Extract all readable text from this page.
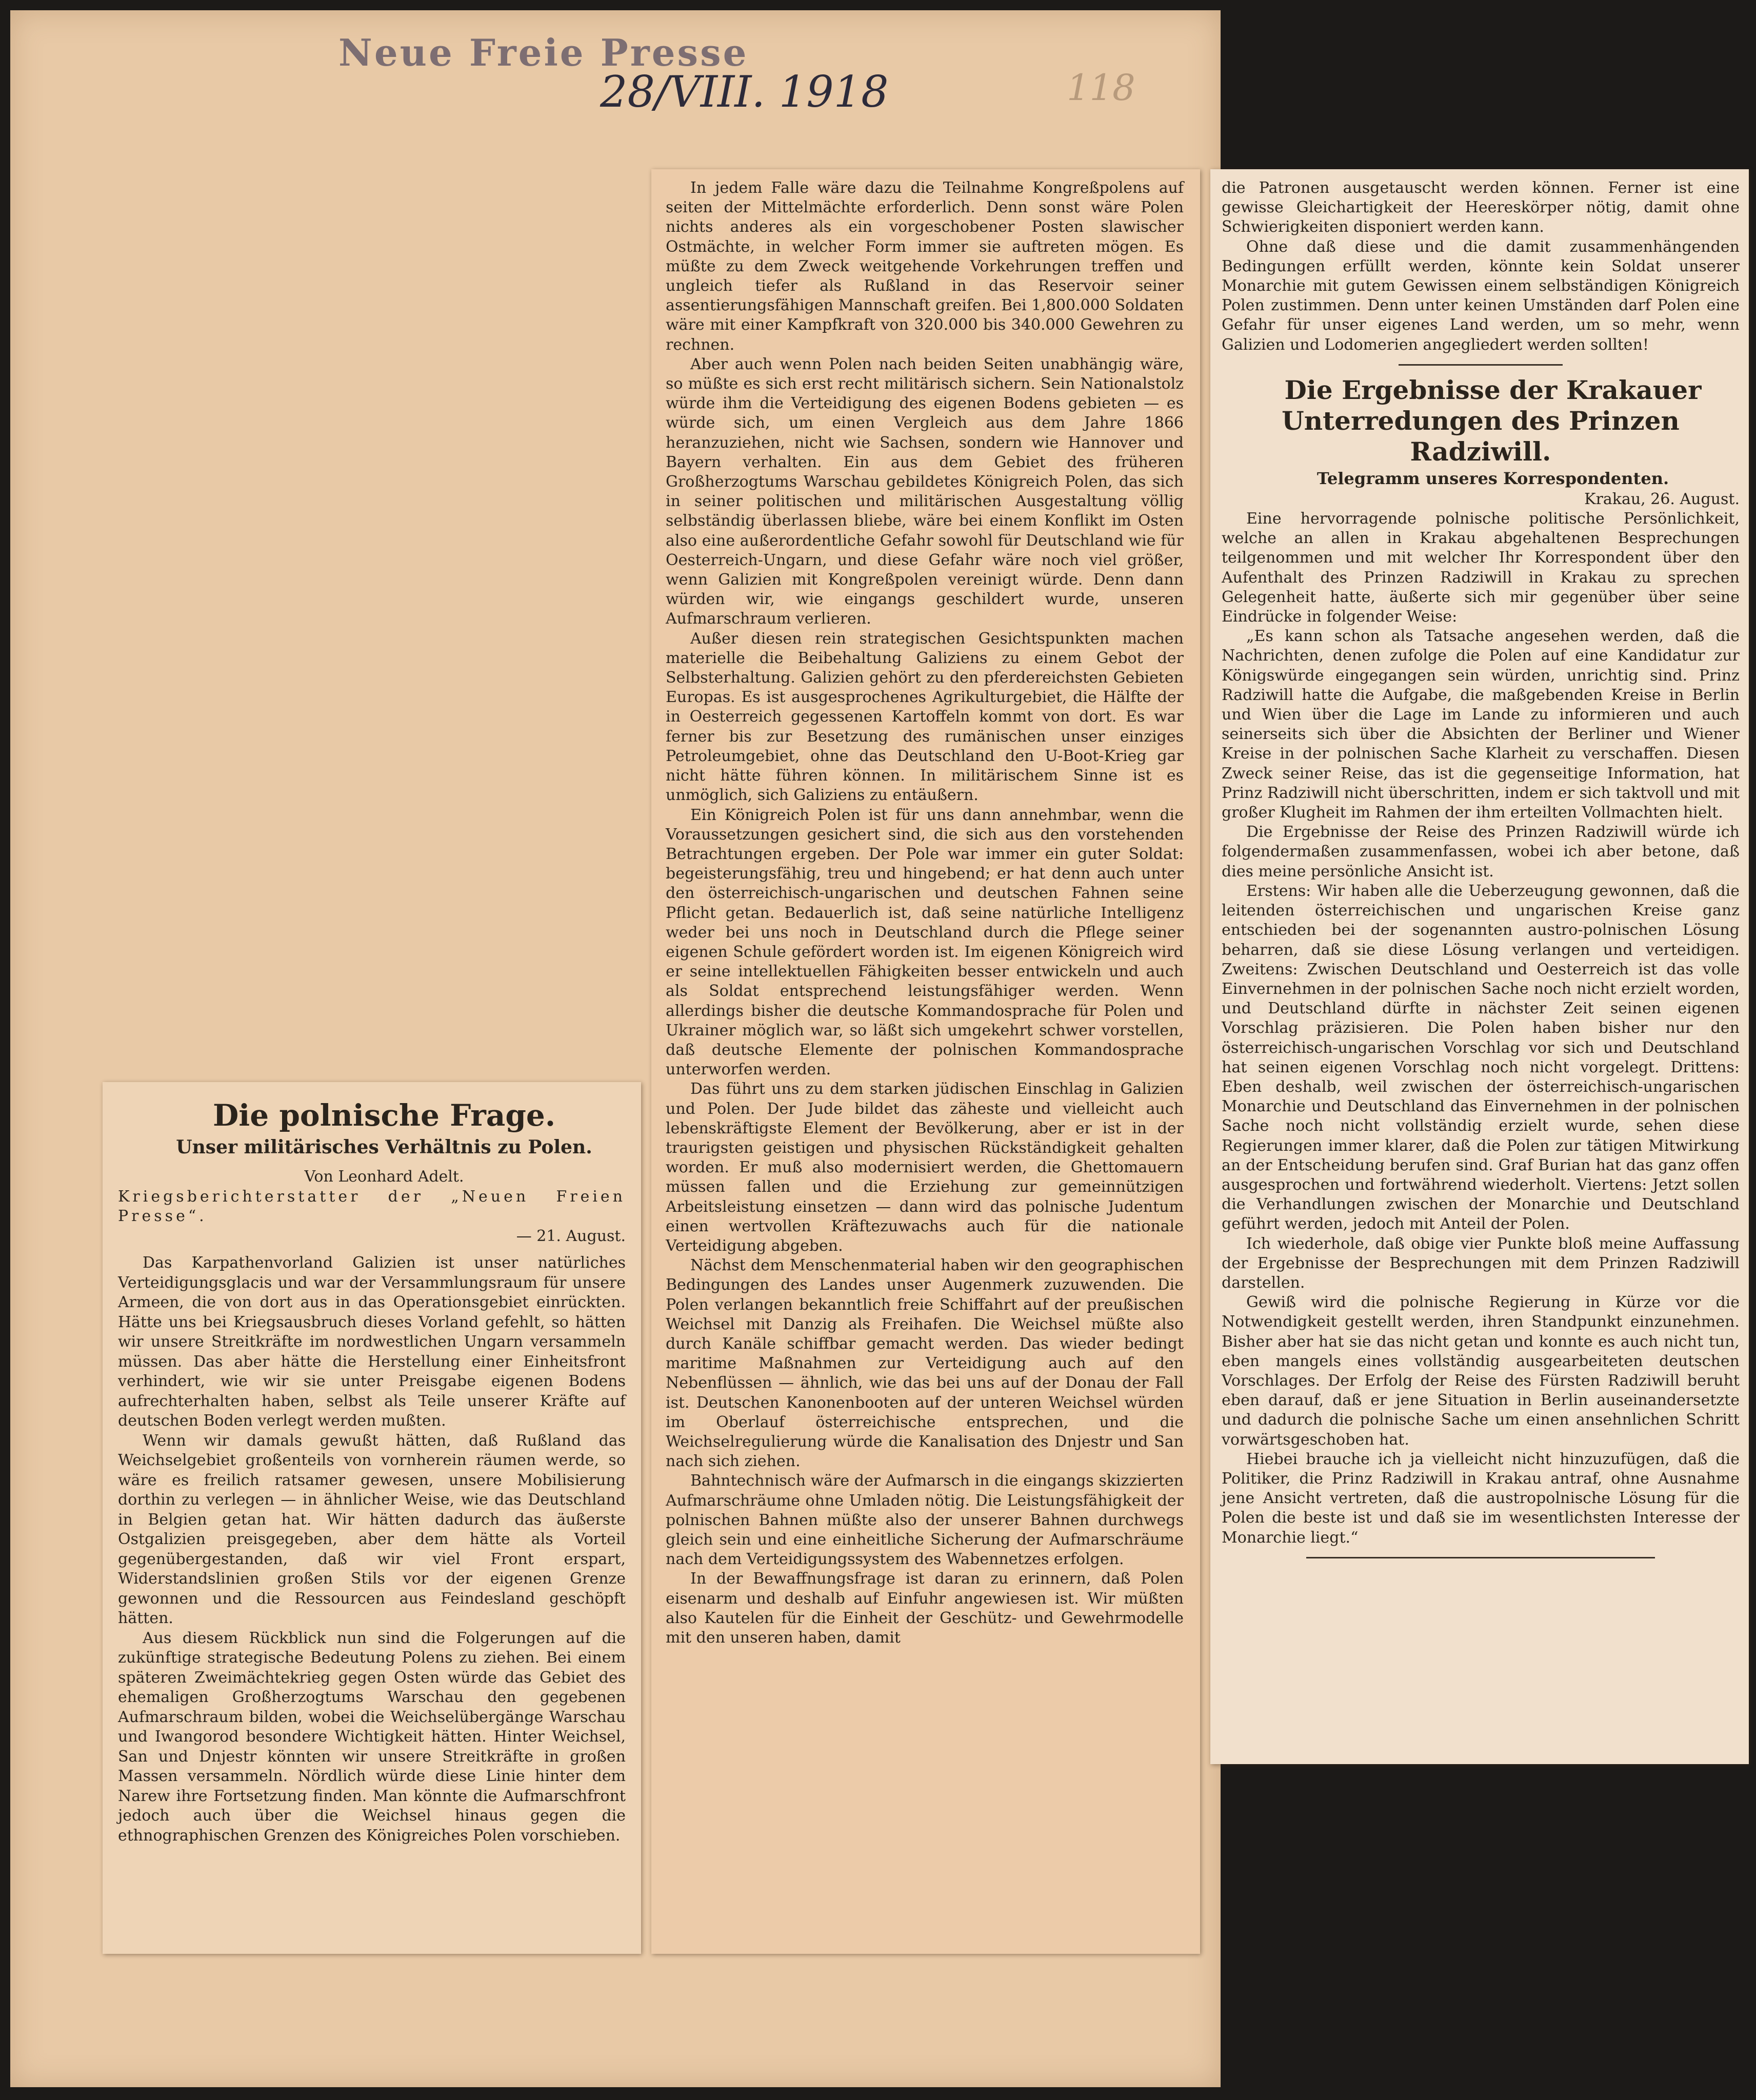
Neue Freie Presse
28/VIII. 1918	118

Die polnische Frage.

Unser militärisches Verhältnis zu Polen.

Von Leonhard Adelt.

Kriegsberichterstatter der „Neuen Freien Presse“.

— 21. August.

Das Karpathenvorland Galizien ist unser natürliches Verteidigungsglacis und war der Versammlungsraum für unsere Armeen, die von dort aus in das Operationsgebiet einrückten. Hätte uns bei Kriegsausbruch dieses Vorland gefehlt, so hätten wir unsere Streitkräfte im nordwestlichen Ungarn versammeln müssen. Das aber hätte die Herstellung einer Einheitsfront verhindert, wie wir sie unter Preisgabe eigenen Bodens aufrechterhalten haben, selbst als Teile unserer Kräfte auf deutschen Boden verlegt werden mußten.

Wenn wir damals gewußt hätten, daß Rußland das Weichselgebiet großenteils von vornherein räumen werde, so wäre es freilich ratsamer gewesen, unsere Mobilisierung dorthin zu verlegen — in ähnlicher Weise, wie das Deutschland in Belgien getan hat. Wir hätten dadurch das äußerste Ostgalizien preisgegeben, aber dem hätte als Vorteil gegenübergestanden, daß wir viel Front erspart, Widerstandslinien großen Stils vor der eigenen Grenze gewonnen und die Ressourcen aus Feindesland geschöpft hätten.

Aus diesem Rückblick nun sind die Folgerungen auf die zukünftige strategische Bedeutung Polens zu ziehen. Bei einem späteren Zweimächtekrieg gegen Osten würde das Gebiet des ehemaligen Großherzogtums Warschau den gegebenen Aufmarschraum bilden, wobei die Weichselübergänge Warschau und Iwangorod besondere Wichtigkeit hätten. Hinter Weichsel, San und Dnjestr könnten wir unsere Streitkräfte in großen Massen versammeln. Nördlich würde diese Linie hinter dem Narew ihre Fortsetzung finden. Man könnte die Aufmarschfront jedoch auch über die Weichsel hinaus gegen die ethnographischen Grenzen des Königreiches Polen vorschieben.

In jedem Falle wäre dazu die Teilnahme Kongreßpolens auf seiten der Mittelmächte erforderlich. Denn sonst wäre Polen nichts anderes als ein vorgeschobener Posten slawischer Ostmächte, in welcher Form immer sie auftreten mögen. Es müßte zu dem Zweck weitgehende Vorkehrungen treffen und ungleich tiefer als Rußland in das Reservoir seiner assentierungsfähigen Mannschaft greifen. Bei 1,800.000 Soldaten wäre mit einer Kampfkraft von 320.000 bis 340.000 Gewehren zu rechnen.

Aber auch wenn Polen nach beiden Seiten unabhängig wäre, so müßte es sich erst recht militärisch sichern. Sein Nationalstolz würde ihm die Verteidigung des eigenen Bodens gebieten — es würde sich, um einen Vergleich aus dem Jahre 1866 heranzuziehen, nicht wie Sachsen, sondern wie Hannover und Bayern verhalten. Ein aus dem Gebiet des früheren Großherzogtums Warschau gebildetes Königreich Polen, das sich in seiner politischen und militärischen Ausgestaltung völlig selbständig überlassen bliebe, wäre bei einem Konflikt im Osten also eine außerordentliche Gefahr sowohl für Deutschland wie für Oesterreich-Ungarn, und diese Gefahr wäre noch viel größer, wenn Galizien mit Kongreßpolen vereinigt würde. Denn dann würden wir, wie eingangs geschildert wurde, unseren Aufmarschraum verlieren.

Außer diesen rein strategischen Gesichtspunkten machen materielle die Beibehaltung Galiziens zu einem Gebot der Selbsterhaltung. Galizien gehört zu den pferdereichsten Gebieten Europas. Es ist ausgesprochenes Agrikulturgebiet, die Hälfte der in Oesterreich gegessenen Kartoffeln kommt von dort. Es war ferner bis zur Besetzung des rumänischen unser einziges Petroleumgebiet, ohne das Deutschland den U-Boot-Krieg gar nicht hätte führen können. In militärischem Sinne ist es unmöglich, sich Galiziens zu entäußern.

Ein Königreich Polen ist für uns dann annehmbar, wenn die Voraussetzungen gesichert sind, die sich aus den vorstehenden Betrachtungen ergeben. Der Pole war immer ein guter Soldat: begeisterungsfähig, treu und hingebend; er hat denn auch unter den österreichisch-ungarischen und deutschen Fahnen seine Pflicht getan. Bedauerlich ist, daß seine natürliche Intelligenz weder bei uns noch in Deutschland durch die Pflege seiner eigenen Schule gefördert worden ist. Im eigenen Königreich wird er seine intellektuellen Fähigkeiten besser entwickeln und auch als Soldat entsprechend leistungsfähiger werden. Wenn allerdings bisher die deutsche Kommandosprache für Polen und Ukrainer möglich war, so läßt sich umgekehrt schwer vorstellen, daß deutsche Elemente der polnischen Kommandosprache unterworfen werden.

Das führt uns zu dem starken jüdischen Einschlag in Galizien und Polen. Der Jude bildet das zäheste und vielleicht auch lebenskräftigste Element der Bevölkerung, aber er ist in der traurigsten geistigen und physischen Rückständigkeit gehalten worden. Er muß also modernisiert werden, die Ghettomauern müssen fallen und die Erziehung zur gemeinnützigen Arbeitsleistung einsetzen — dann wird das polnische Judentum einen wertvollen Kräftezuwachs auch für die nationale Verteidigung abgeben.

Nächst dem Menschenmaterial haben wir den geographischen Bedingungen des Landes unser Augenmerk zuzuwenden. Die Polen verlangen bekanntlich freie Schiffahrt auf der preußischen Weichsel mit Danzig als Freihafen. Die Weichsel müßte also durch Kanäle schiffbar gemacht werden. Das wieder bedingt maritime Maßnahmen zur Verteidigung auch auf den Nebenflüssen — ähnlich, wie das bei uns auf der Donau der Fall ist. Deutschen Kanonenbooten auf der unteren Weichsel würden im Oberlauf österreichische entsprechen, und die Weichselregulierung würde die Kanalisation des Dnjestr und San nach sich ziehen.

Bahntechnisch wäre der Aufmarsch in die eingangs skizzierten Aufmarschräume ohne Umladen nötig. Die Leistungsfähigkeit der polnischen Bahnen müßte also der unserer Bahnen durchwegs gleich sein und eine einheitliche Sicherung der Aufmarschräume nach dem Verteidigungssystem des Wabennetzes erfolgen.

In der Bewaffnungsfrage ist daran zu erinnern, daß Polen eisenarm und deshalb auf Einfuhr angewiesen ist. Wir müßten also Kautelen für die Einheit der Geschütz- und Gewehrmodelle mit den unseren haben, damit

die Patronen ausgetauscht werden können. Ferner ist eine gewisse Gleichartigkeit der Heereskörper nötig, damit ohne Schwierigkeiten disponiert werden kann.

Ohne daß diese und die damit zusammenhängenden Bedingungen erfüllt werden, könnte kein Soldat unserer Monarchie mit gutem Gewissen einem selbständigen Königreich Polen zustimmen. Denn unter keinen Umständen darf Polen eine Gefahr für unser eigenes Land werden, um so mehr, wenn Galizien und Lodomerien angegliedert werden sollten!

Die Ergebnisse der Krakauer Unterredungen des Prinzen Radziwill.

Telegramm unseres Korrespondenten.

Krakau, 26. August.

Eine hervorragende polnische politische Persönlichkeit, welche an allen in Krakau abgehaltenen Besprechungen teilgenommen und mit welcher Ihr Korrespondent über den Aufenthalt des Prinzen Radziwill in Krakau zu sprechen Gelegenheit hatte, äußerte sich mir gegenüber über seine Eindrücke in folgender Weise:

„Es kann schon als Tatsache angesehen werden, daß die Nachrichten, denen zufolge die Polen auf eine Kandidatur zur Königswürde eingegangen sein würden, unrichtig sind. Prinz Radziwill hatte die Aufgabe, die maßgebenden Kreise in Berlin und Wien über die Lage im Lande zu informieren und auch seinerseits sich über die Absichten der Berliner und Wiener Kreise in der polnischen Sache Klarheit zu verschaffen. Diesen Zweck seiner Reise, das ist die gegenseitige Information, hat Prinz Radziwill nicht überschritten, indem er sich taktvoll und mit großer Klugheit im Rahmen der ihm erteilten Vollmachten hielt.

Die Ergebnisse der Reise des Prinzen Radziwill würde ich folgendermaßen zusammenfassen, wobei ich aber betone, daß dies meine persönliche Ansicht ist.

Erstens: Wir haben alle die Ueberzeugung gewonnen, daß die leitenden österreichischen und ungarischen Kreise ganz entschieden bei der sogenannten austro-polnischen Lösung beharren, daß sie diese Lösung verlangen und verteidigen. Zweitens: Zwischen Deutschland und Oesterreich ist das volle Einvernehmen in der polnischen Sache noch nicht erzielt worden, und Deutschland dürfte in nächster Zeit seinen eigenen Vorschlag präzisieren. Die Polen haben bisher nur den österreichisch-ungarischen Vorschlag vor sich und Deutschland hat seinen eigenen Vorschlag noch nicht vorgelegt. Drittens: Eben deshalb, weil zwischen der österreichisch-ungarischen Monarchie und Deutschland das Einvernehmen in der polnischen Sache noch nicht vollständig erzielt wurde, sehen diese Regierungen immer klarer, daß die Polen zur tätigen Mitwirkung an der Entscheidung berufen sind. Graf Burian hat das ganz offen ausgesprochen und fortwährend wiederholt. Viertens: Jetzt sollen die Verhandlungen zwischen der Monarchie und Deutschland geführt werden, jedoch mit Anteil der Polen.

Ich wiederhole, daß obige vier Punkte bloß meine Auffassung der Ergebnisse der Besprechungen mit dem Prinzen Radziwill darstellen.

Gewiß wird die polnische Regierung in Kürze vor die Notwendigkeit gestellt werden, ihren Standpunkt einzunehmen. Bisher aber hat sie das nicht getan und konnte es auch nicht tun, eben mangels eines vollständig ausgearbeiteten deutschen Vorschlages. Der Erfolg der Reise des Fürsten Radziwill beruht eben darauf, daß er jene Situation in Berlin auseinandersetzte und dadurch die polnische Sache um einen ansehnlichen Schritt vorwärtsgeschoben hat.

Hiebei brauche ich ja vielleicht nicht hinzuzufügen, daß die Politiker, die Prinz Radziwill in Krakau antraf, ohne Ausnahme jene Ansicht vertreten, daß die austropolnische Lösung für die Polen die beste ist und daß sie im wesentlichsten Interesse der Monarchie liegt.“
